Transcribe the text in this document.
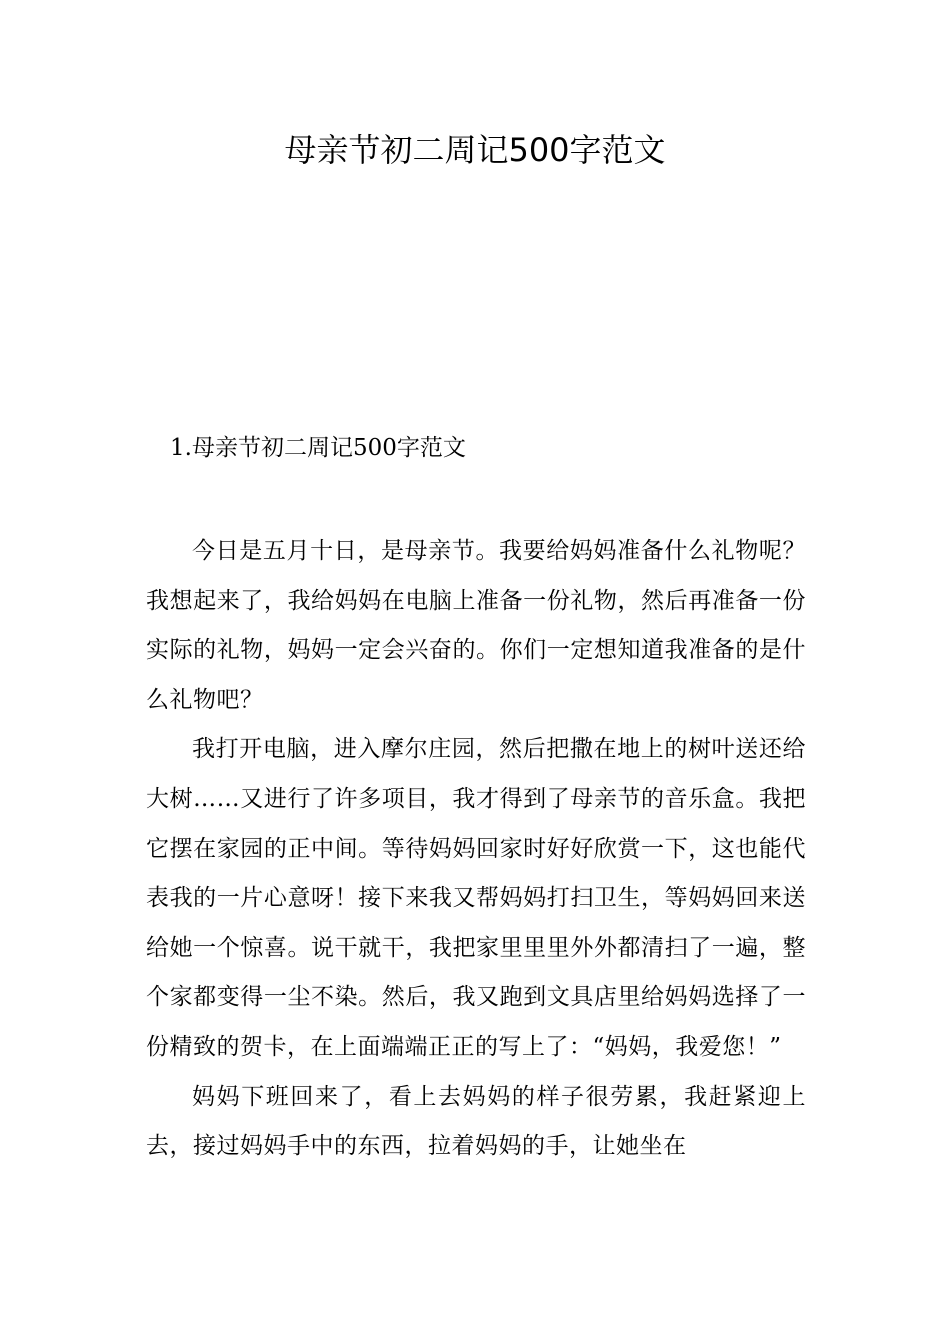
母亲节初二周记500字范文
1.母亲节初二周记500字范文

今日是五月十日，是母亲节。我要给妈妈准备什么礼物呢？我想起来了，我给妈妈在电脑上准备一份礼物，然后再准备一份实际的礼物，妈妈一定会兴奋的。你们一定想知道我准备的是什么礼物吧？

我打开电脑，进入摩尔庄园，然后把撒在地上的树叶送还给大树……又进行了许多项目，我才得到了母亲节的音乐盒。我把它摆在家园的正中间。等待妈妈回家时好好欣赏一下，这也能代表我的一片心意呀！接下来我又帮妈妈打扫卫生，等妈妈回来送给她一个惊喜。说干就干，我把家里里里外外都清扫了一遍，整个家都变得一尘不染。然后，我又跑到文具店里给妈妈选择了一份精致的贺卡，在上面端端正正的写上了：“妈妈，我爱您！”

妈妈下班回来了，看上去妈妈的样子很劳累，我赶紧迎上去，接过妈妈手中的东西，拉着妈妈的手，让她坐在
